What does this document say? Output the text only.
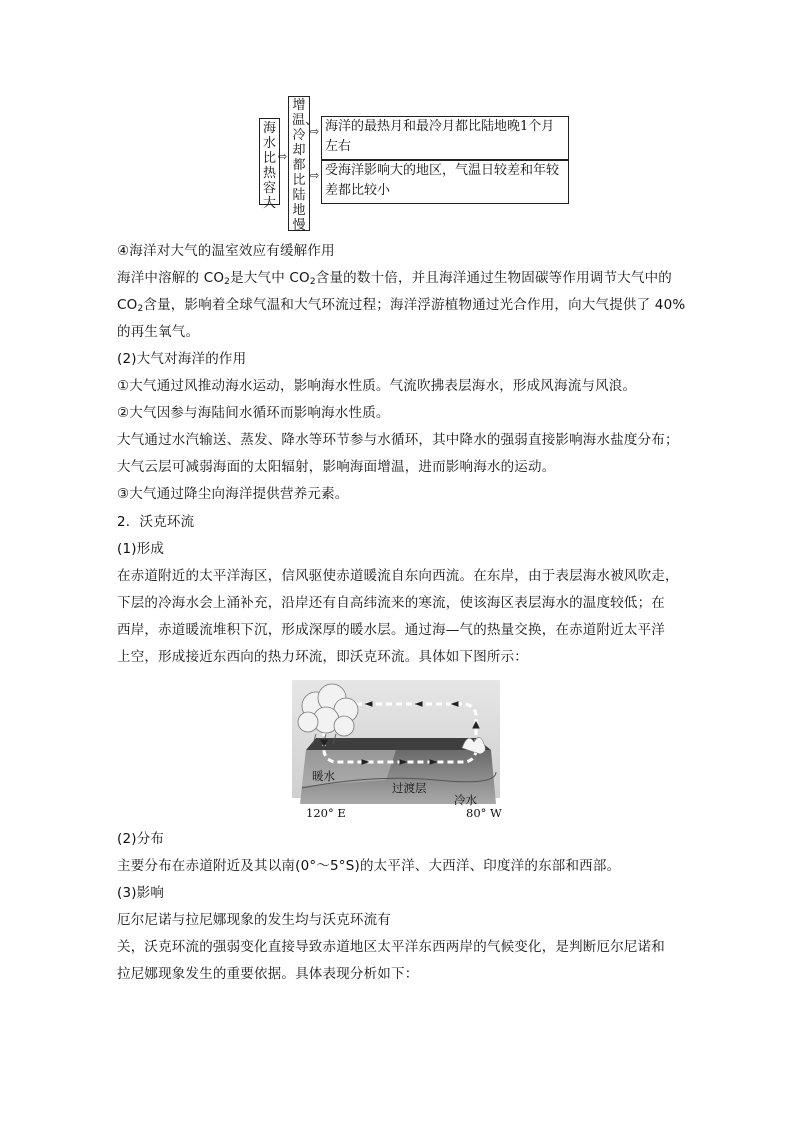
海水比热容大
⇨
增温、冷却都比陆地慢
⇨
⇨
海洋的最热月和最冷月都比陆地晚1个月左右
受海洋影响大的地区，气温日较差和年较差都比较小
④海洋对大气的温室效应有缓解作用
海洋中溶解的 $CO_2$是大气中 $CO_2$含量的数十倍，并且海洋通过生物固碳等作用调节大气中的
$CO_2$含量，影响着全球气温和大气环流过程；海洋浮游植物通过光合作用，向大气提供了 40%
的再生氧气。
(2)大气对海洋的作用
①大气通过风推动海水运动，影响海水性质。气流吹拂表层海水，形成风海流与风浪。
②大气因参与海陆间水循环而影响海水性质。
大气通过水汽输送、蒸发、降水等环节参与水循环，其中降水的强弱直接影响海水盐度分布；
大气云层可减弱海面的太阳辐射，影响海面增温，进而影响海水的运动。
③大气通过降尘向海洋提供营养元素。
2．沃克环流
(1)形成
在赤道附近的太平洋海区，信风驱使赤道暖流自东向西流。在东岸，由于表层海水被风吹走，
下层的冷海水会上涌补充，沿岸还有自高纬流来的寒流，使该海区表层海水的温度较低；在
西岸，赤道暖流堆积下沉，形成深厚的暖水层。通过海—气的热量交换，在赤道附近太平洋
上空，形成接近东西向的热力环流，即沃克环流。具体如下图所示：
暖水
过渡层
冷水
120° E	80° W
(2)分布
主要分布在赤道附近及其以南(0°～5°S)的太平洋、大西洋、印度洋的东部和西部。
(3)影响
厄尔尼诺与拉尼娜现象的发生均与沃克环流有
关，沃克环流的强弱变化直接导致赤道地区太平洋东西两岸的气候变化，是判断厄尔尼诺和
拉尼娜现象发生的重要依据。具体表现分析如下：
